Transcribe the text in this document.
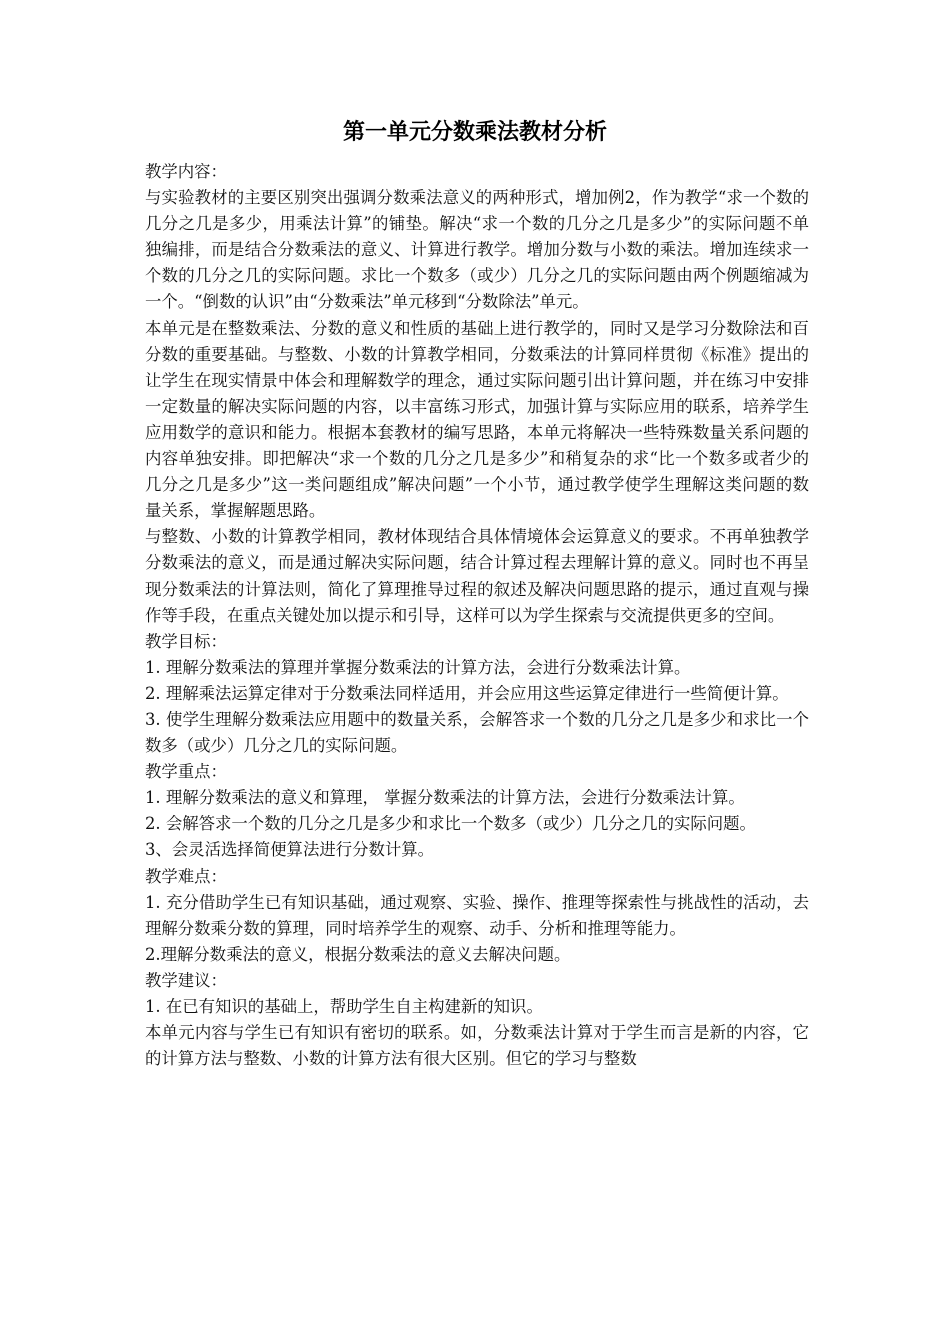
第一单元分数乘法教材分析

教学内容：

与实验教材的主要区别突出强调分数乘法意义的两种形式，增加例2，作为教学“求一个数的几分之几是多少，用乘法计算”的铺垫。解决“求一个数的几分之几是多少”的实际问题不单独编排，而是结合分数乘法的意义、计算进行教学。增加分数与小数的乘法。增加连续求一个数的几分之几的实际问题。求比一个数多（或少）几分之几的实际问题由两个例题缩减为一个。“倒数的认识”由“分数乘法”单元移到“分数除法”单元。

本单元是在整数乘法、分数的意义和性质的基础上进行教学的，同时又是学习分数除法和百分数的重要基础。与整数、小数的计算教学相同，分数乘法的计算同样贯彻《标准》提出的让学生在现实情景中体会和理解数学的理念，通过实际问题引出计算问题，并在练习中安排一定数量的解决实际问题的内容，以丰富练习形式，加强计算与实际应用的联系，培养学生应用数学的意识和能力。根据本套教材的编写思路，本单元将解决一些特殊数量关系问题的内容单独安排。即把解决“求一个数的几分之几是多少”和稍复杂的求“比一个数多或者少的几分之几是多少”这一类问题组成”解决问题”一个小节，通过教学使学生理解这类问题的数量关系，掌握解题思路。

与整数、小数的计算教学相同，教材体现结合具体情境体会运算意义的要求。不再单独教学分数乘法的意义，而是通过解决实际问题，结合计算过程去理解计算的意义。同时也不再呈现分数乘法的计算法则，简化了算理推导过程的叙述及解决问题思路的提示，通过直观与操作等手段，在重点关键处加以提示和引导，这样可以为学生探索与交流提供更多的空间。

教学目标：

1. 理解分数乘法的算理并掌握分数乘法的计算方法，会进行分数乘法计算。

2. 理解乘法运算定律对于分数乘法同样适用，并会应用这些运算定律进行一些简便计算。

3. 使学生理解分数乘法应用题中的数量关系，会解答求一个数的几分之几是多少和求比一个数多（或少）几分之几的实际问题。

教学重点：

1. 理解分数乘法的意义和算理， 掌握分数乘法的计算方法，会进行分数乘法计算。

2. 会解答求一个数的几分之几是多少和求比一个数多（或少）几分之几的实际问题。

3、会灵活选择简便算法进行分数计算。

教学难点：

1. 充分借助学生已有知识基础，通过观察、实验、操作、推理等探索性与挑战性的活动，去理解分数乘分数的算理，同时培养学生的观察、动手、分析和推理等能力。

2.理解分数乘法的意义，根据分数乘法的意义去解决问题。

教学建议：

1. 在已有知识的基础上，帮助学生自主构建新的知识。

本单元内容与学生已有知识有密切的联系。如，分数乘法计算对于学生而言是新的内容，它的计算方法与整数、小数的计算方法有很大区别。但它的学习与整数
